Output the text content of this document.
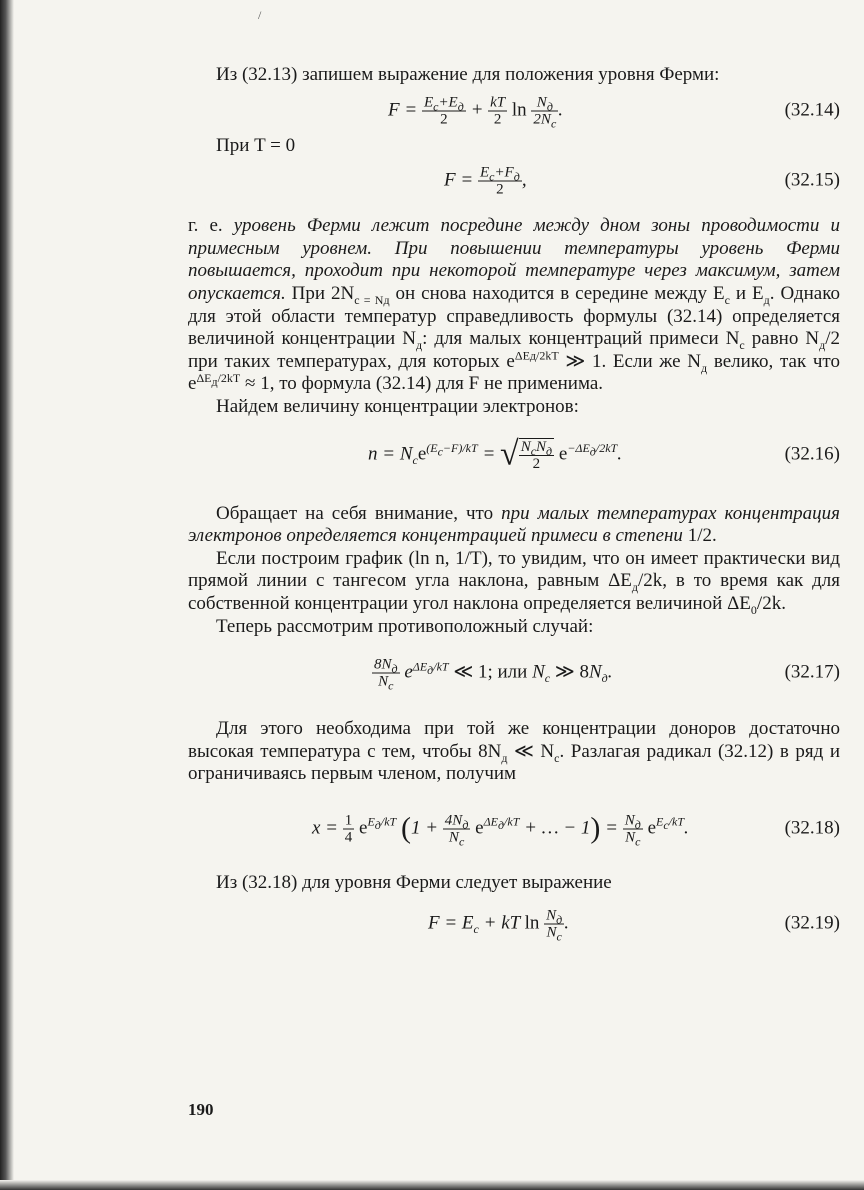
/

Из (32.13) запишем выражение для положения уровня Ферми:

$F = \frac{E_c+E_д}{2} + \frac{kT}{2}$ $\ln \frac{N_д}{2N_c}$ .	(32.14)

При T = 0

$F = \frac{E_c+F_д}{2}$ ,	(32.15)

г. е. уровень Ферми лежит посредине между дном зоны проводимости и примесным уровнем. При повышении температуры уровень Ферми повышается, проходит при некоторой температуре через максимум, затем опускается. При $2N_{c = Nд}$ он снова находится в середине между $E_c$ и $E_д$. Однако для этой области температур справедливость формулы (32.14) определяется величиной концентрации $N_д$: для малых концентраций примеси $N_c$ равно $N_д/2$ при таких температурах, для которых $e^{\Delta Eд/2kT}$ ≫ 1. Если же $N_д$ велико, так что $e^{\Delta E_д/2kT} \approx 1$, то формула (32.14) для F не применима.

Найдем величину концентрации электронов:

$n = N_ce^{(E_c-F)/kT}$ = √ $\frac{N_cN_д}{2} e^{-\Delta E_д/2kT}$.	(32.16)

Обращает на себя внимание, что при малых температурах концентрация электронов определяется концентрацией примеси в степени 1/2.

Если построим график (ln n, 1/T), то увидим, что он имеет практически вид прямой линии с тангесом угла наклона, равным $\Delta E_д/2k$, в то время как для собственной концентрации угол наклона определяется величиной $\Delta E_0/2k$.

Теперь рассмотрим противоположный случай:

$\frac{8N_д}{N_c} e^{\Delta E_д/kT}$ ≪ 1; или $N_c$ ≫ $8N_д$.	(32.17)

Для этого необходима при той же концентрации доноров достаточно высокая температура с тем, чтобы $8N_д$ ≪ $N_c$. Разлагая радикал (32.12) в ряд и ограничиваясь первым членом, получим

$x = \frac{1}{4} e^{E_д/kT}$ ($1 + \frac{4N_д}{N_c} e^{\Delta E_д/kT}$ + … − $1) = \frac{N_д}{N_c} e^{E_c/kT}$.	(32.18)

Из (32.18) для уровня Ферми следует выражение

$F = E_c$ + kT $\ln \frac{N_д}{N_c}$ .	(32.19)
190
